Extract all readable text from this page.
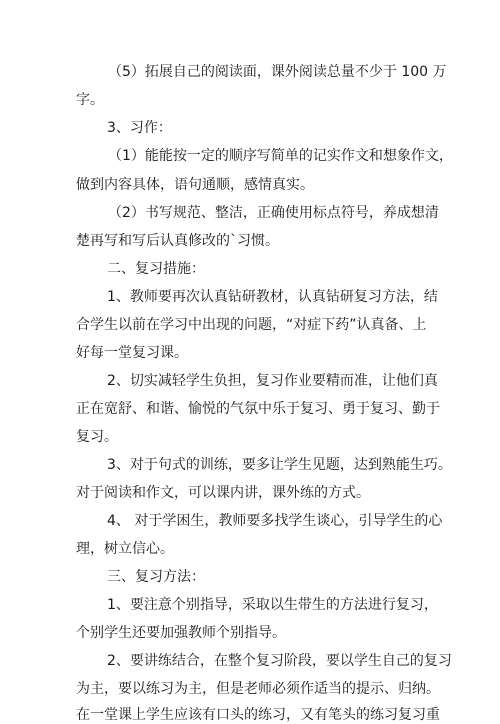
（5）拓展自己的阅读面，课外阅读总量不少于 100 万
字。
3、习作：
（1）能能按一定的顺序写简单的记实作文和想象作文，
做到内容具体，语句通顺，感情真实。
（2）书写规范、整洁，正确使用标点符号，养成想清
楚再写和写后认真修改的`习惯。
二、复习措施：
1、教师要再次认真钻研教材，认真钻研复习方法，结
合学生以前在学习中出现的问题，“对症下药”认真备、上
好每一堂复习课。
2、切实减轻学生负担，复习作业要精而准，让他们真
正在宽舒、和谐、愉悦的气氛中乐于复习、勇于复习、勤于
复习。
3、对于句式的训练，要多让学生见题，达到熟能生巧。
对于阅读和作文，可以课内讲，课外练的方式。
4、 对于学困生，教师要多找学生谈心，引导学生的心
理，树立信心。
三、复习方法：
1、要注意个别指导，采取以生带生的方法进行复习，
个别学生还要加强教师个别指导。
2、要讲练结合，在整个复习阶段，要以学生自己的复习
为主，要以练习为主，但是老师必须作适当的提示、归纳。
在一堂课上学生应该有口头的练习，又有笔头的练习复习重
